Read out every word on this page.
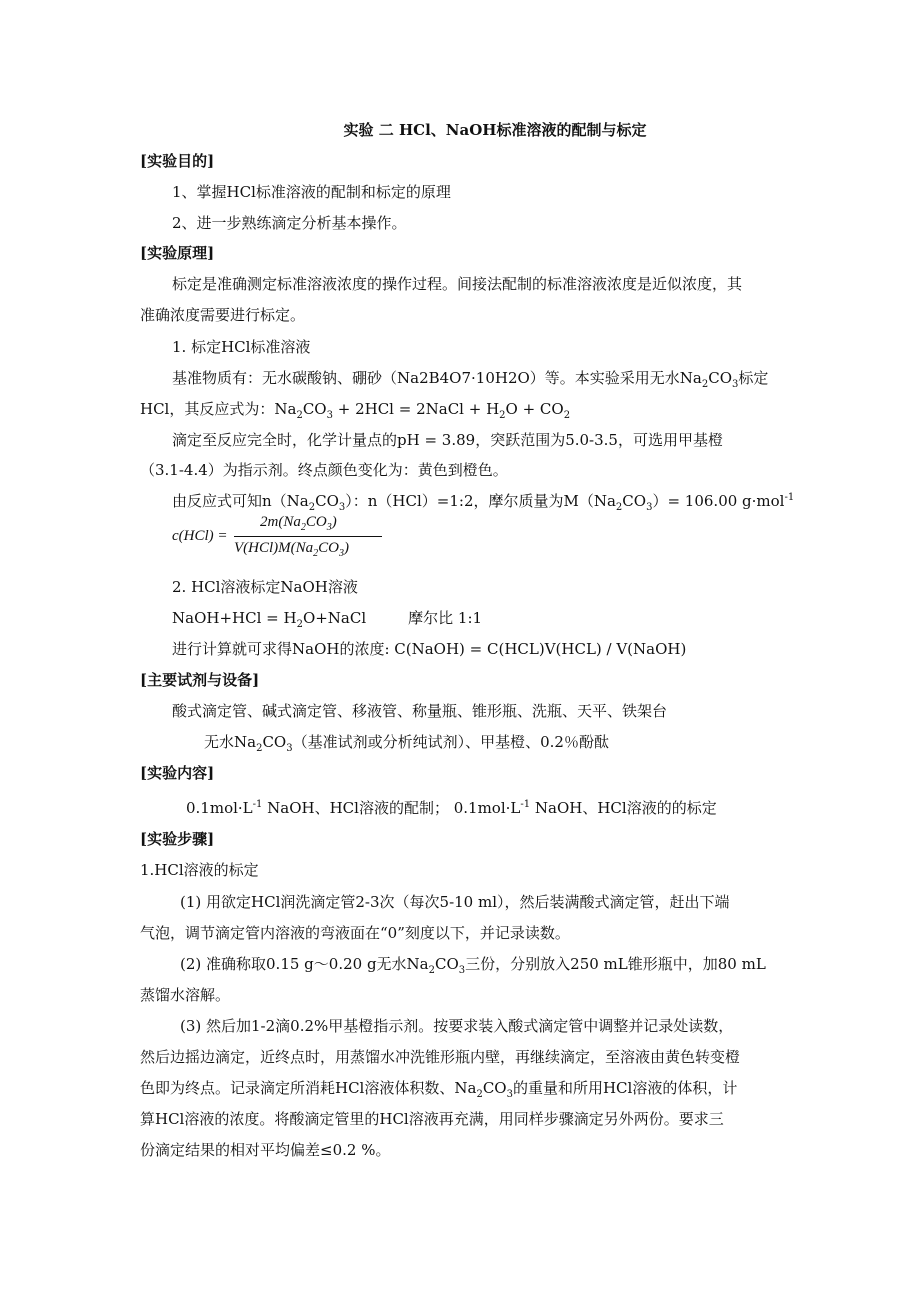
实验 二 HCl、NaOH标准溶液的配制与标定
[实验目的]
1、掌握HCl标准溶液的配制和标定的原理
2、进一步熟练滴定分析基本操作。
[实验原理]
标定是准确测定标准溶液浓度的操作过程。间接法配制的标准溶液浓度是近似浓度，其
准确浓度需要进行标定。
1. 标定HCl标准溶液
基准物质有：无水碳酸钠、硼砂（Na2B4O7·10H2O）等。本实验采用无水$Na_2CO_3$标定
HCl，其反应式为：$Na_2CO_3 + 2HCl$ = 2NaCl + $H_2O + CO_2$
滴定至反应完全时，化学计量点的pH = 3.89，突跃范围为5.0-3.5，可选用甲基橙
（3.1-4.4）为指示剂。终点颜色变化为：黄色到橙色。
由反应式可知$n(Na_2CO_3)$：n（HCl）=1:2，摩尔质量为$M(Na_2CO_3)= 106.00$ g·mol$^{-1}$
c(HCl) =
$2m(Na_2CO_3)$
$V(HCl)M(Na_2CO_3)$
2. HCl溶液标定NaOH溶液
NaOH+HCl = $H_2O+NaCl$	摩尔比 1:1
进行计算就可求得NaOH的浓度: C(NaOH) = C(HCL)V(HCL) / V(NaOH)
[主要试剂与设备]
酸式滴定管、碱式滴定管、移液管、称量瓶、锥形瓶、洗瓶、天平、铁架台
无水$Na_2CO_3$（基准试剂或分析纯试剂）、甲基橙、0.2％酚酞
[实验内容]
$0.1mol\cdot L^{-1}$ NaOH、HCl溶液的配制； $0.1mol\cdot L^{-1}$ NaOH、HCl溶液的的标定
[实验步骤]
1.HCl溶液的标定
(1) 用欲定HCl润洗滴定管2-3次（每次5-10 ml），然后装满酸式滴定管，赶出下端
气泡，调节滴定管内溶液的弯液面在“0”刻度以下，并记录读数。
(2) 准确称取0.15 g～0.20 g无水$Na_2CO_3$三份，分别放入250 mL锥形瓶中，加80 mL
蒸馏水溶解。
(3) 然后加1-2滴0.2%甲基橙指示剂。按要求装入酸式滴定管中调整并记录处读数，
然后边摇边滴定，近终点时，用蒸馏水冲洗锥形瓶内壁，再继续滴定，至溶液由黄色转变橙
色即为终点。记录滴定所消耗HCl溶液体积数、$Na_2CO_3$的重量和所用HCl溶液的体积，计
算HCl溶液的浓度。将酸滴定管里的HCl溶液再充满，用同样步骤滴定另外两份。要求三
份滴定结果的相对平均偏差≤0.2 %。
